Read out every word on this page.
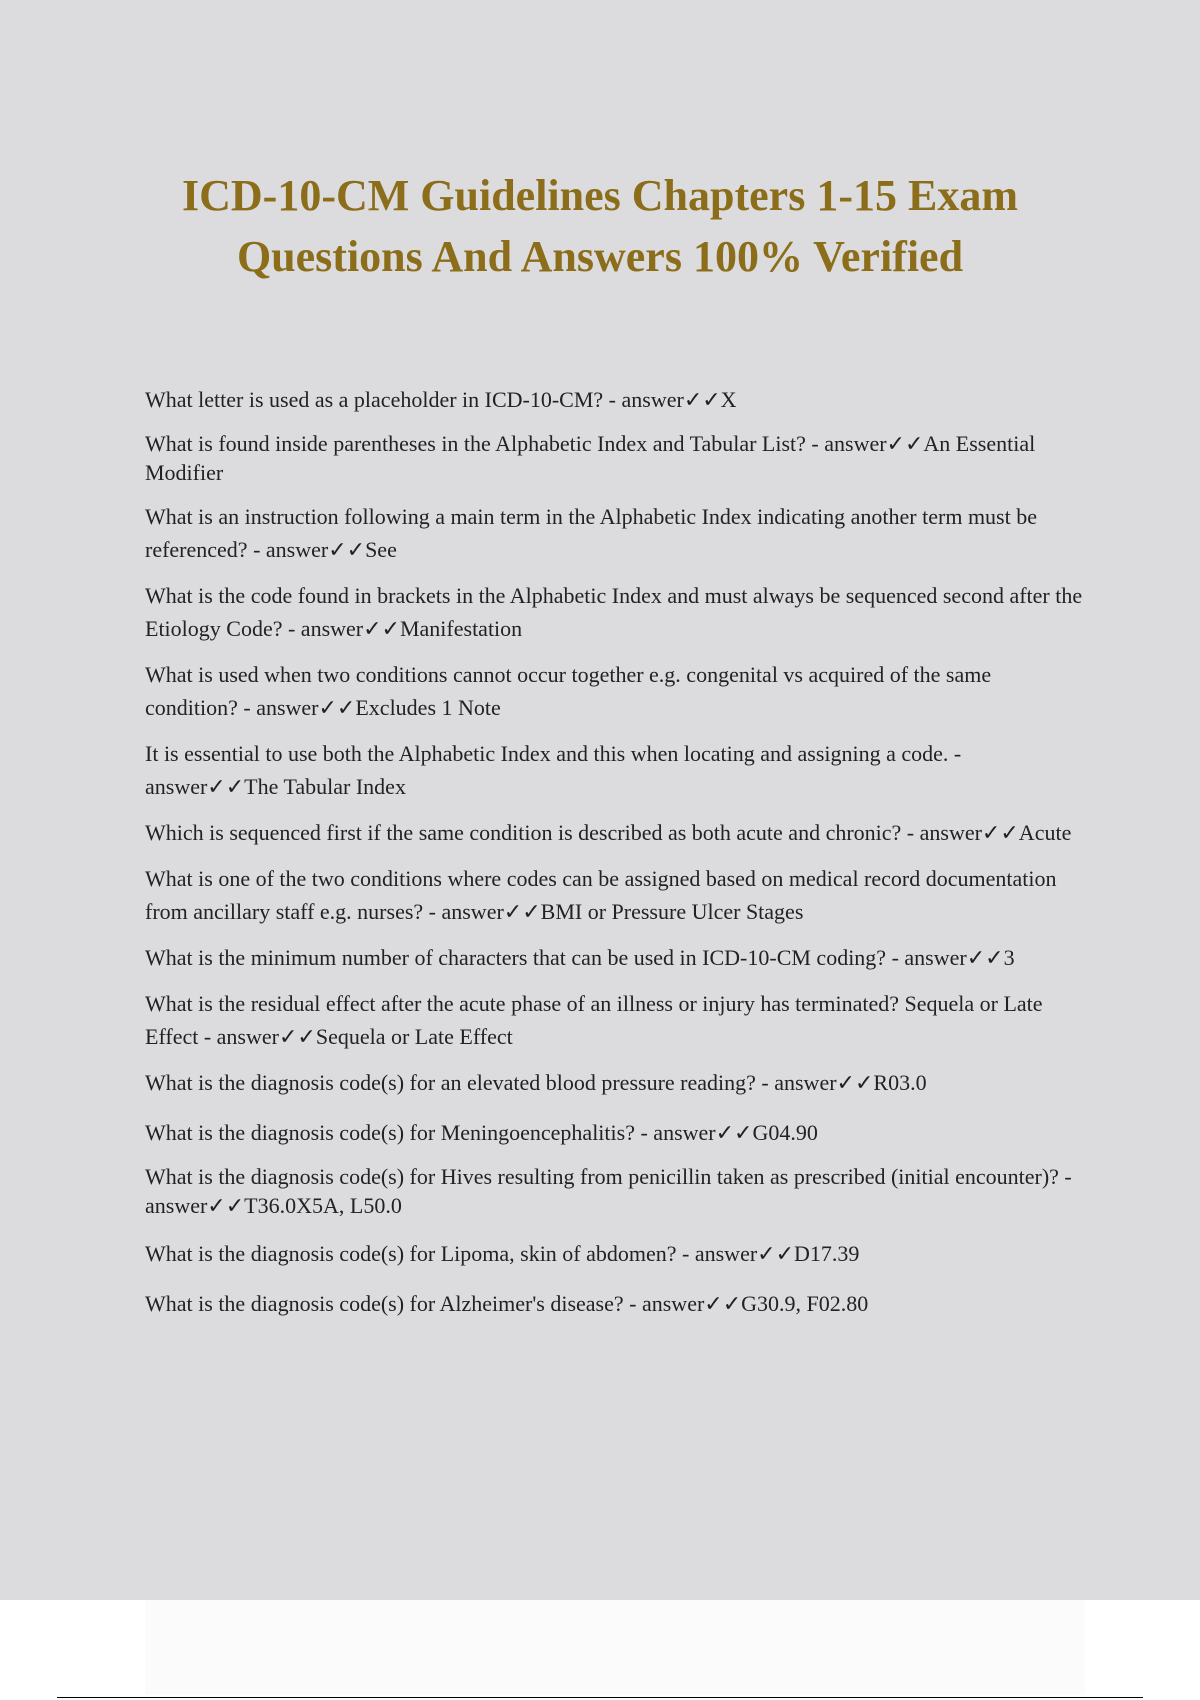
ICD-10-CM Guidelines Chapters 1-15 Exam
Questions And Answers 100% Verified

What letter is used as a placeholder in ICD-10-CM? - answer✓✓X

What is found inside parentheses in the Alphabetic Index and Tabular List? - answer✓✓An Essential Modifier

What is an instruction following a main term in the Alphabetic Index indicating another term must be referenced? - answer✓✓See

What is the code found in brackets in the Alphabetic Index and must always be sequenced second after the Etiology Code? - answer✓✓Manifestation

What is used when two conditions cannot occur together e.g. congenital vs acquired of the same condition? - answer✓✓Excludes 1 Note

It is essential to use both the Alphabetic Index and this when locating and assigning a code. - answer✓✓The Tabular Index

Which is sequenced first if the same condition is described as both acute and chronic? - answer✓✓Acute

What is one of the two conditions where codes can be assigned based on medical record documentation from ancillary staff e.g. nurses? - answer✓✓BMI or Pressure Ulcer Stages

What is the minimum number of characters that can be used in ICD-10-CM coding? - answer✓✓3

What is the residual effect after the acute phase of an illness or injury has terminated? Sequela or Late Effect - answer✓✓Sequela or Late Effect

What is the diagnosis code(s) for an elevated blood pressure reading? - answer✓✓R03.0

What is the diagnosis code(s) for Meningoencephalitis? - answer✓✓G04.90

What is the diagnosis code(s) for Hives resulting from penicillin taken as prescribed (initial encounter)? - answer✓✓T36.0X5A, L50.0

What is the diagnosis code(s) for Lipoma, skin of abdomen? - answer✓✓D17.39

What is the diagnosis code(s) for Alzheimer's disease? - answer✓✓G30.9, F02.80
